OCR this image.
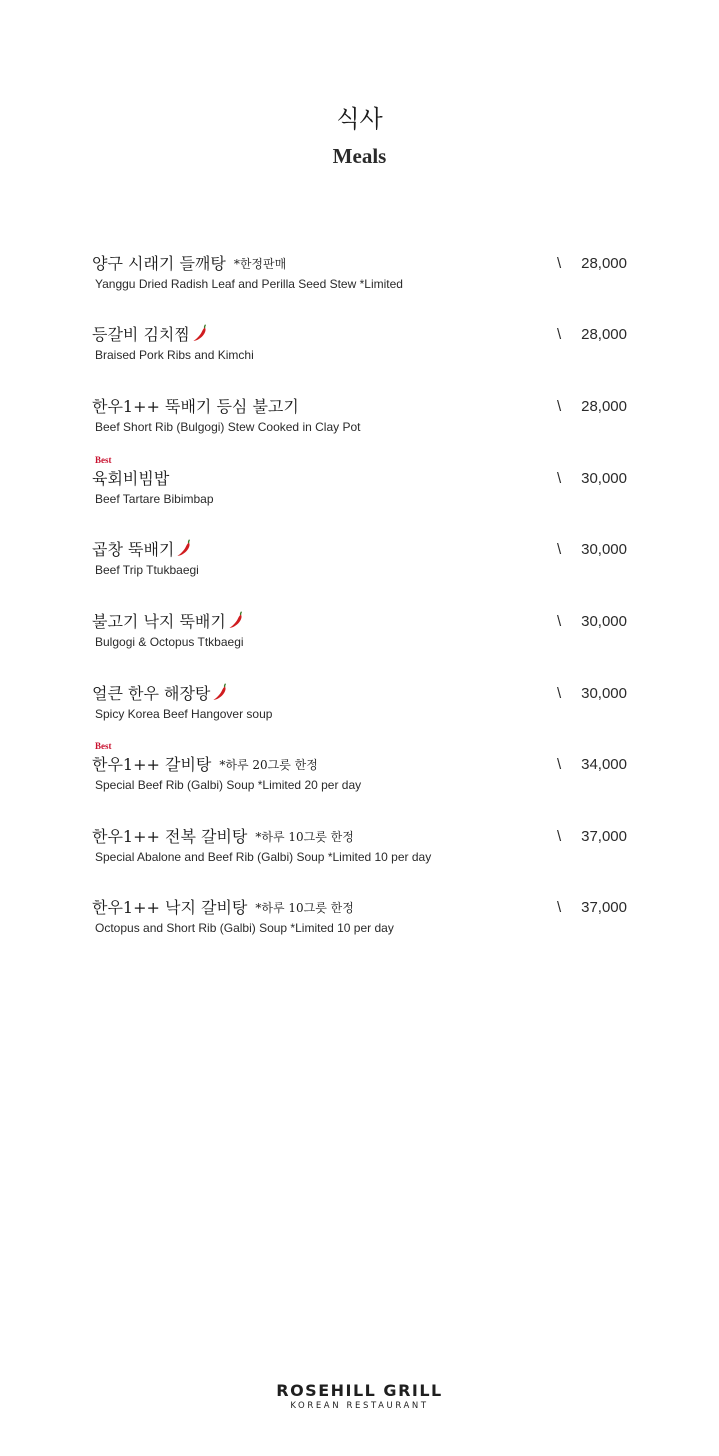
식사
Meals
양구 시래기 들깨탕 *한정판매
Yanggu Dried Radish Leaf and Perilla Seed Stew *Limited
\ 28,000
등갈비 김치찜
Braised Pork Ribs and Kimchi
\ 28,000
한우1++ 뚝배기 등심 불고기
Beef Short Rib (Bulgogi) Stew Cooked in Clay Pot
\ 28,000
Best
육회비빔밥
Beef Tartare Bibimbap
\ 30,000
곱창 뚝배기
Beef Trip Ttukbaegi
\ 30,000
불고기 낙지 뚝배기
Bulgogi & Octopus Ttkbaegi
\ 30,000
얼큰 한우 해장탕
Spicy Korea Beef Hangover soup
\ 30,000
Best
한우1++ 갈비탕 *하루 20그릇 한정
Special Beef Rib (Galbi) Soup *Limited 20 per day
\ 34,000
한우1++ 전복 갈비탕 *하루 10그릇 한정
Special Abalone and Beef Rib (Galbi) Soup *Limited 10 per day
\ 37,000
한우1++ 낙지 갈비탕 *하루 10그릇 한정
Octopus and Short Rib (Galbi) Soup *Limited 10 per day
\ 37,000
ROSEHILL GRILL
KOREAN RESTAURANT
